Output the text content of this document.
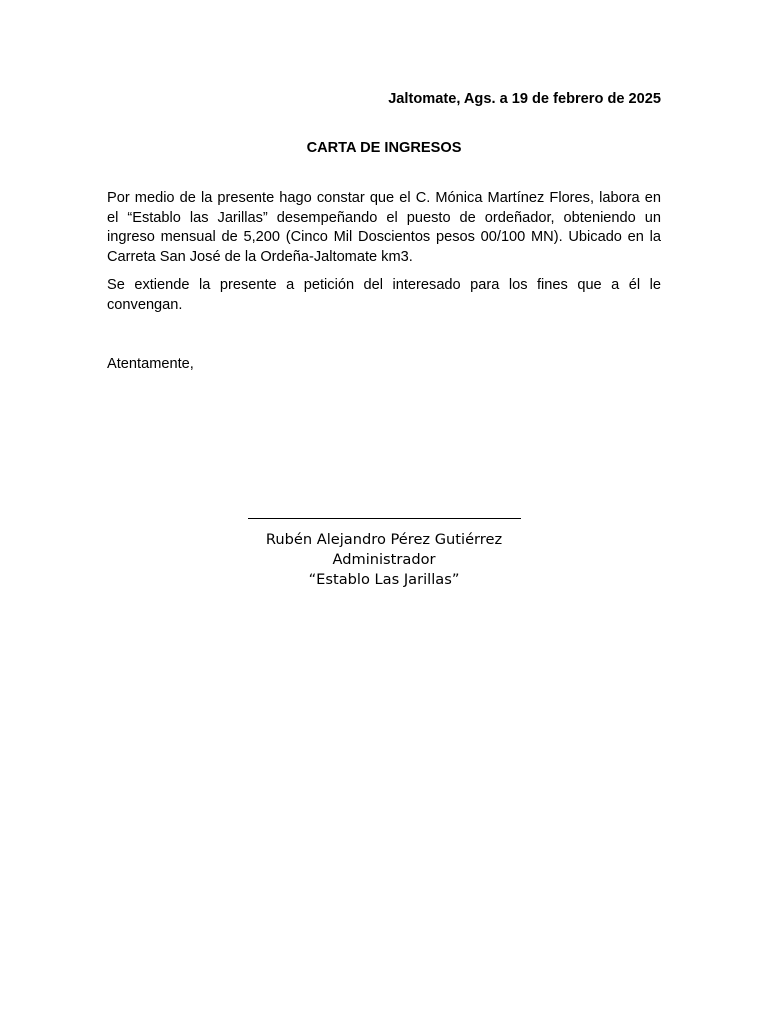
Jaltomate, Ags. a 19 de febrero de 2025
CARTA DE INGRESOS

Por medio de la presente hago constar que el C. Mónica Martínez Flores, labora en el “Establo las Jarillas” desempeñando el puesto de ordeñador, obteniendo un ingreso mensual de 5,200 (Cinco Mil Doscientos pesos 00/100 MN). Ubicado en la Carreta San José de la Ordeña-Jaltomate km3.

Se extiende la presente a petición del interesado para los fines que a él le convengan.

Atentamente,
Rubén Alejandro Pérez Gutiérrez
Administrador
“Establo Las Jarillas”
